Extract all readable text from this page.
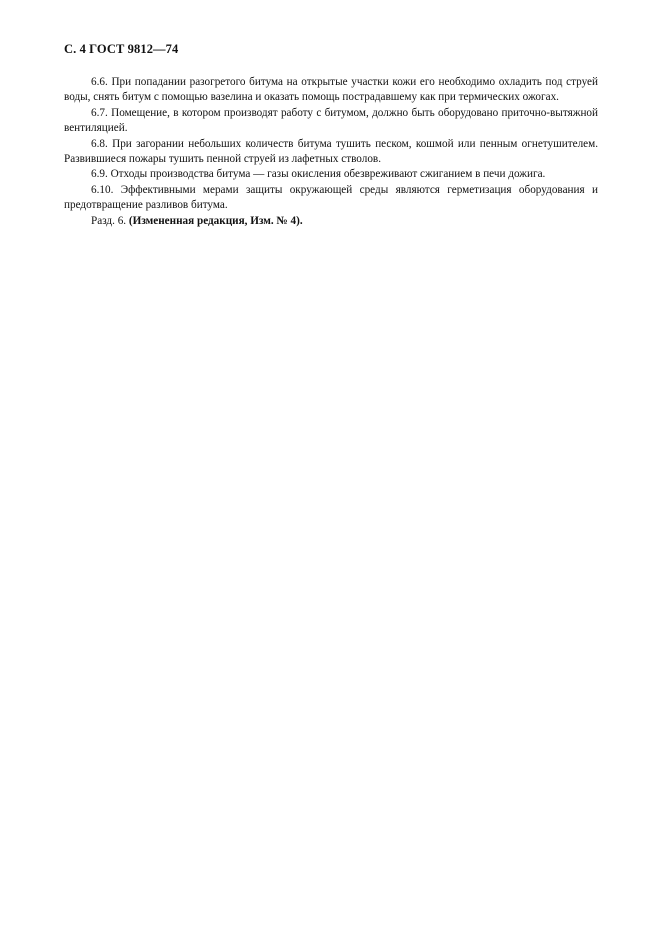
С. 4 ГОСТ 9812—74

6.6. При попадании разогретого битума на открытые участки кожи его необходимо охладить под струей воды, снять битум с помощью вазелина и оказать помощь пострадавшему как при термических ожогах.

6.7. Помещение, в котором производят работу с битумом, должно быть оборудовано приточно-вытяжной вентиляцией.

6.8. При загорании небольших количеств битума тушить песком, кошмой или пенным огнетушителем. Развившиеся пожары тушить пенной струей из лафетных стволов.

6.9. Отходы производства битума — газы окисления обезвреживают сжиганием в печи дожига.

6.10. Эффективными мерами защиты окружающей среды являются герметизация оборудования и предотвращение разливов битума.

Разд. 6. (Измененная редакция, Изм. № 4).
